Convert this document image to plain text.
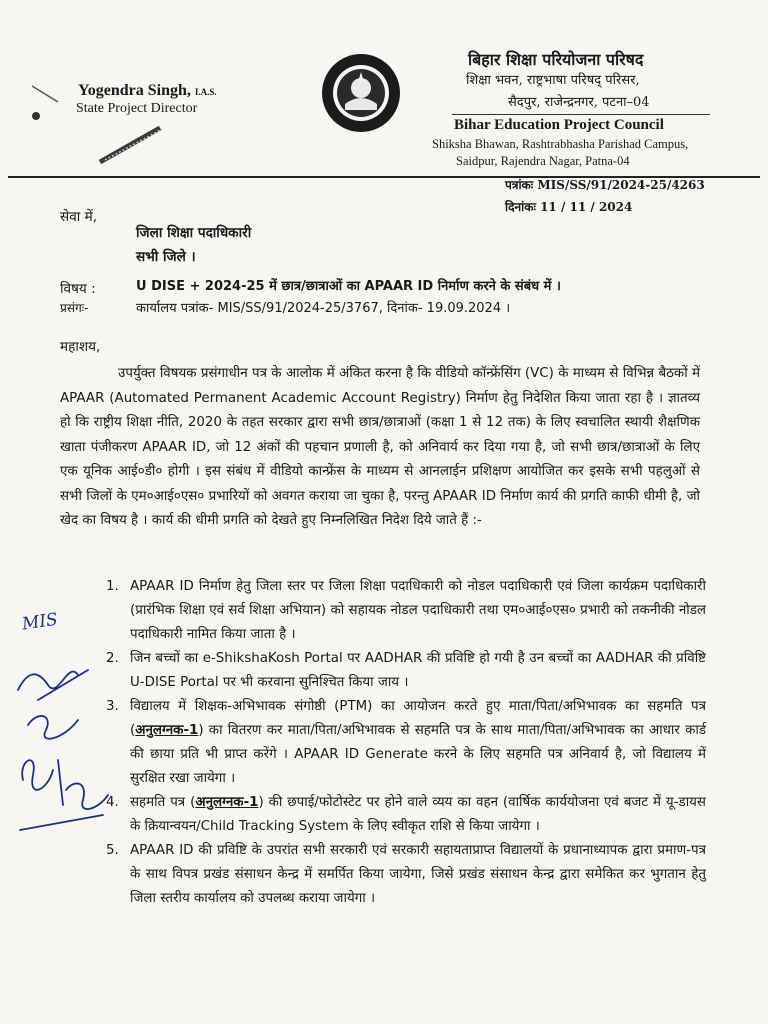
Yogendra Singh, I.A.S.
State Project Director
बिहार शिक्षा परियोजना परिषद
शिक्षा भवन, राष्ट्रभाषा परिषद् परिसर,
सैदपुर, राजेन्द्रनगर, पटना–04
Bihar Education Project Council
Shiksha Bhawan, Rashtrabhasha Parishad Campus,
Saidpur, Rajendra Nagar, Patna-04
पत्रांकः MIS/SS/91/2024-25/4263
दिनांकः 11 / 11 / 2024
सेवा में,
जिला शिक्षा पदाधिकारी
सभी जिले ।
विषय :	U DISE + 2024-25 में छात्र/छात्राओं का APAAR ID निर्माण करने के संबंध में ।
प्रसंगः-	कार्यालय पत्रांक- MIS/SS/91/2024-25/3767, दिनांक- 19.09.2024 ।
महाशय,
उपर्युक्त विषयक प्रसंगाधीन पत्र के आलोक में अंकित करना है कि वीडियो कॉन्फ्रेंसिंग (VC) के माध्यम से विभिन्न बैठकों में APAAR (Automated Permanent Academic Account Registry) निर्माण हेतु निदेशित किया जाता रहा है । ज्ञातव्य हो कि राष्ट्रीय शिक्षा नीति, 2020 के तहत सरकार द्वारा सभी छात्र/छात्राओं (कक्षा 1 से 12 तक) के लिए स्वचालित स्थायी शैक्षणिक खाता पंजीकरण APAAR ID, जो 12 अंकों की पहचान प्रणाली है, को अनिवार्य कर दिया गया है, जो सभी छात्र/छात्राओं के लिए एक यूनिक आई०डी० होगी । इस संबंध में वीडियो कान्फ्रेंस के माध्यम से आनलाईन प्रशिक्षण आयोजित कर इसके सभी पहलुओं से सभी जिलों के एम०आई०एस० प्रभारियों को अवगत कराया जा चुका है, परन्तु APAAR ID निर्माण कार्य की प्रगति काफी धीमी है, जो खेद का विषय है । कार्य की धीमी प्रगति को देखते हुए निम्नलिखित निदेश दिये जाते हैं :-
1. APAAR ID निर्माण हेतु जिला स्तर पर जिला शिक्षा पदाधिकारी को नोडल पदाधिकारी एवं जिला कार्यक्रम पदाधिकारी (प्रारंभिक शिक्षा एवं सर्व शिक्षा अभियान) को सहायक नोडल पदाधिकारी तथा एम०आई०एस० प्रभारी को तकनीकी नोडल पदाधिकारी नामित किया जाता है ।
2. जिन बच्चों का e-ShikshaKosh Portal पर AADHAR की प्रविष्टि हो गयी है उन बच्चों का AADHAR की प्रविष्टि U-DISE Portal पर भी करवाना सुनिश्चित किया जाय ।
3. विद्यालय में शिक्षक-अभिभावक संगोष्ठी (PTM) का आयोजन करते हुए माता/पिता/अभिभावक का सहमति पत्र (अनुलग्नक-1) का वितरण कर माता/पिता/अभिभावक से सहमति पत्र के साथ माता/पिता/अभिभावक का आधार कार्ड की छाया प्रति भी प्राप्त करेंगे । APAAR ID Generate करने के लिए सहमति पत्र अनिवार्य है, जो विद्यालय में सुरक्षित रखा जायेगा ।
4. सहमति पत्र (अनुलग्नक-1) की छपाई/फोटोस्टेट पर होने वाले व्यय का वहन (वार्षिक कार्ययोजना एवं बजट में यू-डायस के क्रियान्वयन/Child Tracking System के लिए स्वीकृत राशि से किया जायेगा ।
5. APAAR ID की प्रविष्टि के उपरांत सभी सरकारी एवं सरकारी सहायताप्राप्त विद्यालयों के प्रधानाध्यापक द्वारा प्रमाण-पत्र के साथ विपत्र प्रखंड संसाधन केन्द्र में समर्पित किया जायेगा, जिसे प्रखंड संसाधन केन्द्र द्वारा समेकित कर भुगतान हेतु जिला स्तरीय कार्यालय को उपलब्ध कराया जायेगा ।
MIS
